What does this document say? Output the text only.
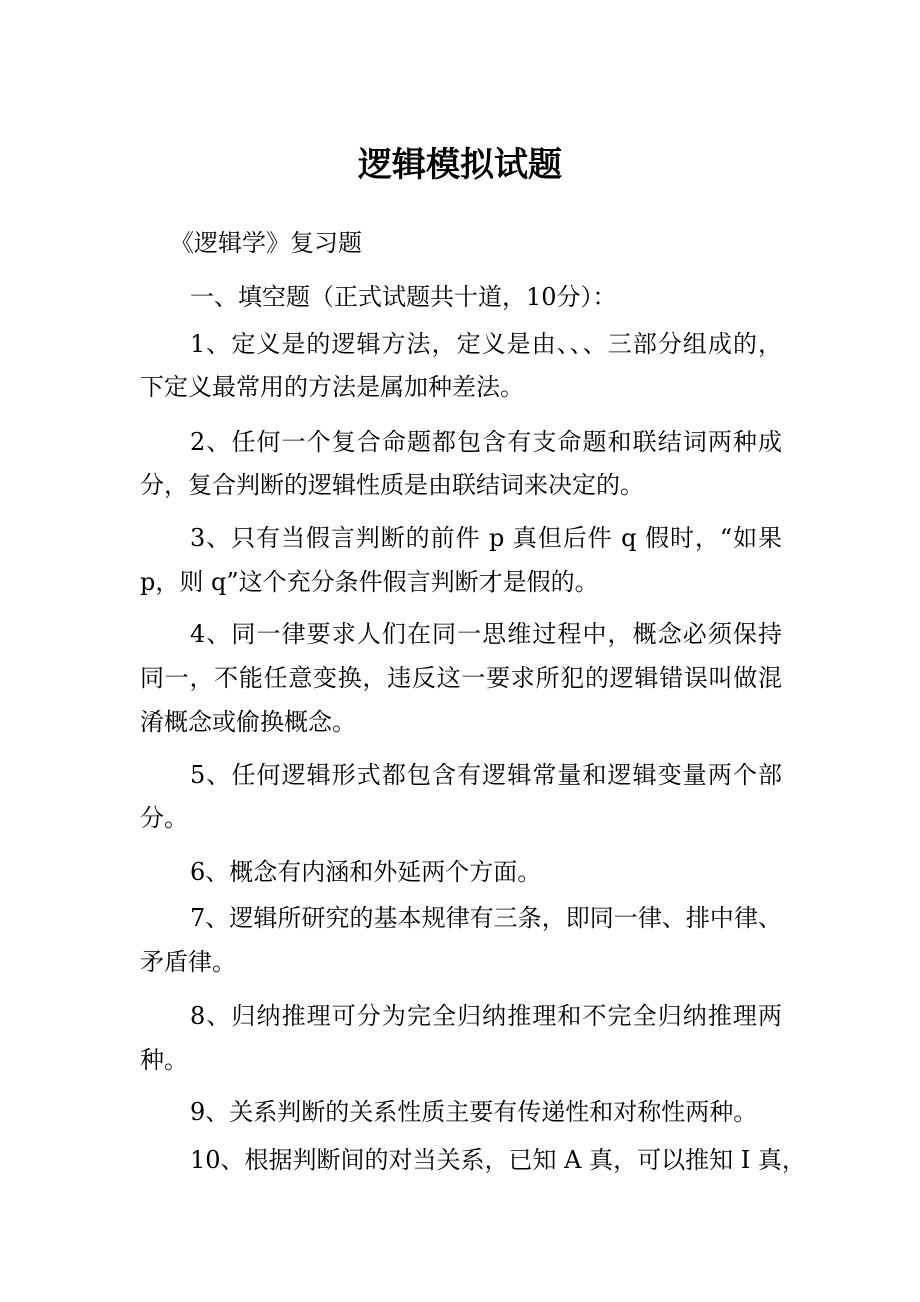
逻辑模拟试题
《逻辑学》复习题
一、填空题（正式试题共十道，10分）：
1、定义是的逻辑方法，定义是由、、、三部分组成的，
下定义最常用的方法是属加种差法。
2、任何一个复合命题都包含有支命题和联结词两种成
分，复合判断的逻辑性质是由联结词来决定的。
3、只有当假言判断的前件 p 真但后件 q 假时，“如果
p，则 q”这个充分条件假言判断才是假的。
4、同一律要求人们在同一思维过程中，概念必须保持
同一，不能任意变换，违反这一要求所犯的逻辑错误叫做混
淆概念或偷换概念。
5、任何逻辑形式都包含有逻辑常量和逻辑变量两个部
分。
6、概念有内涵和外延两个方面。
7、逻辑所研究的基本规律有三条，即同一律、排中律、
矛盾律。
8、归纳推理可分为完全归纳推理和不完全归纳推理两
种。
9、关系判断的关系性质主要有传递性和对称性两种。
10、根据判断间的对当关系，已知 A 真，可以推知 I 真，
